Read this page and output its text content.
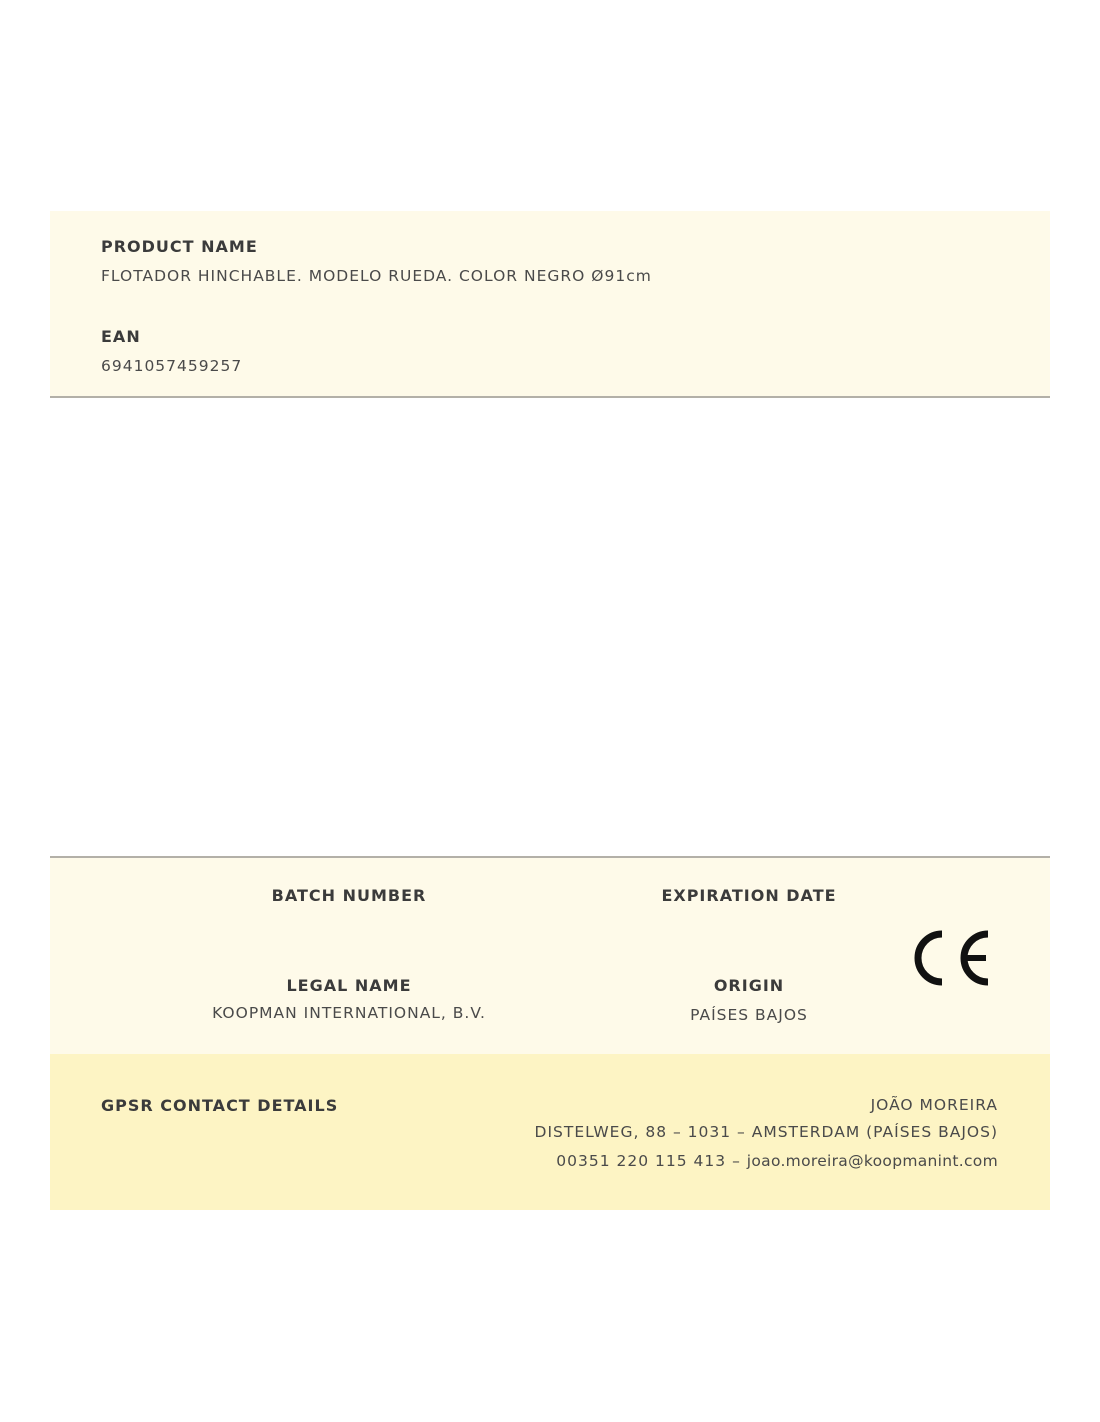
PRODUCT NAME
FLOTADOR HINCHABLE. MODELO RUEDA. COLOR NEGRO Ø91cm
EAN
6941057459257
BATCH NUMBER	EXPIRATION DATE
LEGAL NAME
KOOPMAN INTERNATIONAL, B.V.
ORIGIN
PAÍSES BAJOS
GPSR CONTACT DETAILS	JOÃO MOREIRA
DISTELWEG, 88 – 1031 – AMSTERDAM (PAÍSES BAJOS)
00351 220 115 413 – joao.moreira@koopmanint.com
